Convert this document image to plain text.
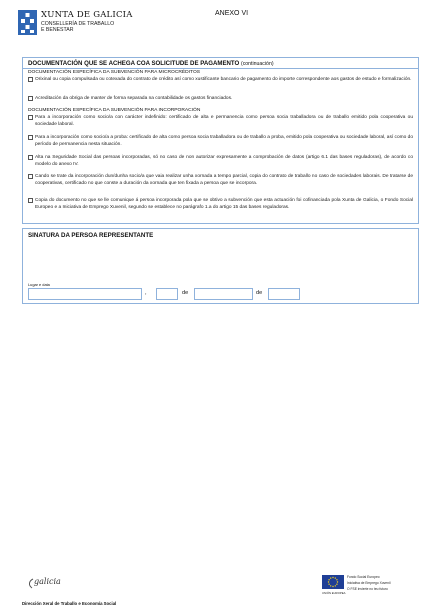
XUNTA DE GALICIA
CONSELLERÍA DE TRABALLO
E BENESTAR
ANEXO VI
DOCUMENTACIÓN QUE SE ACHEGA COA SOLICITUDE DE PAGAMENTO (continuación)
DOCUMENTACIÓN ESPECÍFICA DA SUBVENCIÓN PARA MICROCRÉDITOS
Orixinal ou copia compulsada ou cotexada do contrato de crédito así como xustificante bancario de pagamento do importe correspondente aos gastos de estudo e formalización.
Acreditación da obriga de manter de forma separada na contabilidade os gastos financiados.
DOCUMENTACIÓN ESPECÍFICA DA SUBVENCIÓN PARA INCORPORACIÓN
Para a incorporación como socio/a con carácter indefinido: certificado de alta e permanencia como persoa socia traballadora ou de traballo emitido pola cooperativa ou sociedade laboral.
Para a incorporación como socio/a a proba: certificado de alta como persoa socia traballadora ou de traballo a proba, emitido pola cooperativa ou sociedade laboral, así como do período de permanencia nesta situación.
Alta na Seguridade Social das persoas incorporadas, só no caso de non autorizar expresamente a comprobación de datos (artigo 6.1 das bases reguladoras), de acordo co modelo do anexo IV.
Cando se trate da incorporación dun/dunha socio/a que vaia realizar unha xornada a tempo parcial, copia do contrato de traballo no caso de sociedades laborais. De tratarse de cooperativas, certificado no que conste a duración da xornada que ten fixada a persoa que se incorpora.
Copia do documento no que se lle comunique á persoa incorporada pola que se obtivo a subvención que esta actuación foi cofinanciada pola Xunta de Galicia, o Fondo Social Europeo e a Iniciativa de Emprego Xuvenil, segundo se establece no parágrafo 1.a do artigo 15 das bases reguladoras.
SINATURA DA PERSOA REPRESENTANTE
Lugar e data
,	de	de
galicia
UNIÓN EUROPEA
Fondo Social Europeo
Iniciativa de Emprego Xuvenil
O FSE invierte no teu futuro
Dirección Xeral de Traballo e Economía Social
